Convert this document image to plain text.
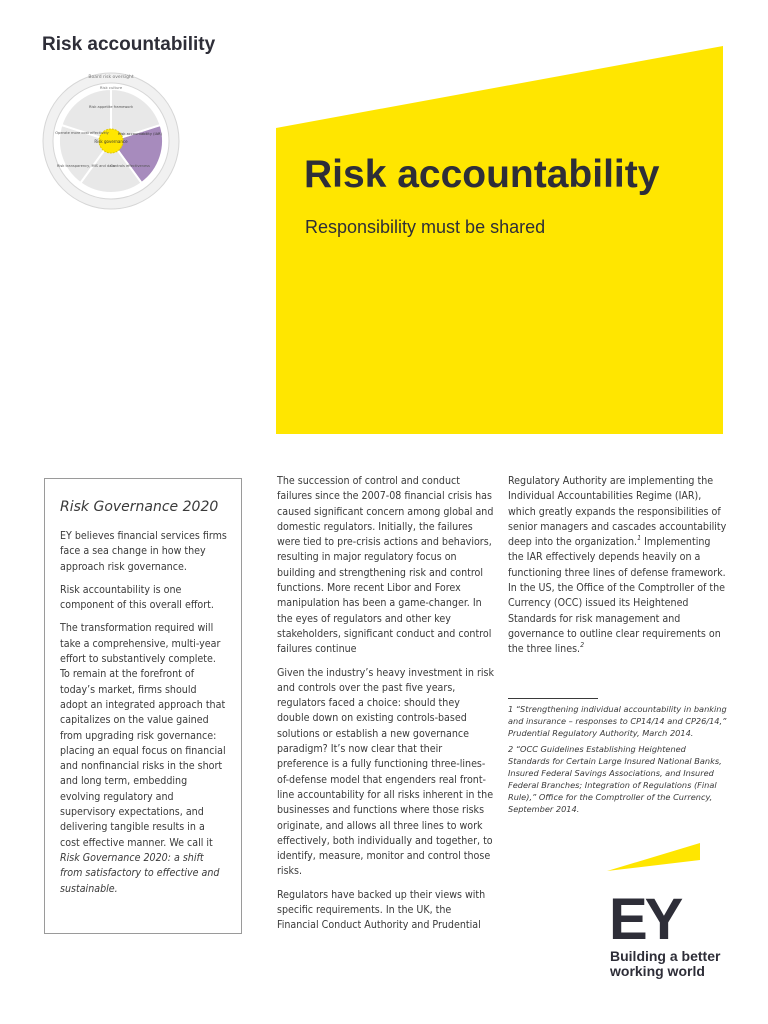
Risk accountability
Board risk oversight
Risk culture
Risk appetite framework
Risk accountability (IAR)
Controls effectiveness
Risk transparency, MIS and data
Operate more cost effectively
Risk governance
Risk accountability
Responsibility must be shared
Risk Governance 2020

EY believes financial services firms face a sea change in how they approach risk governance.

Risk accountability is one component of this overall effort.

The transformation required will take a comprehensive, multi-year effort to substantively complete. To remain at the forefront of today’s market, firms should adopt an integrated approach that capitalizes on the value gained from upgrading risk governance: placing an equal focus on financial and nonfinancial risks in the short and long term, embedding evolving regulatory and supervisory expectations, and delivering tangible results in a cost effective manner. We call it Risk Governance 2020: a shift from satisfactory to effective and sustainable.

The succession of control and conduct failures since the 2007-08 financial crisis has caused significant concern among global and domestic regulators. Initially, the failures were tied to pre-crisis actions and behaviors, resulting in major regulatory focus on building and strengthening risk and control functions. More recent Libor and Forex manipulation has been a game-changer. In the eyes of regulators and other key stakeholders, significant conduct and control failures continue

Given the industry’s heavy investment in risk and controls over the past five years, regulators faced a choice: should they double down on existing controls-based solutions or establish a new governance paradigm? It’s now clear that their preference is a fully functioning three-lines-of-defense model that engenders real front-line accountability for all risks inherent in the businesses and functions where those risks originate, and allows all three lines to work effectively, both individually and together, to identify, measure, monitor and control those risks.

Regulators have backed up their views with specific requirements. In the UK, the Financial Conduct Authority and Prudential

Regulatory Authority are implementing the Individual Accountabilities Regime (IAR), which greatly expands the responsibilities of senior managers and cascades accountability deep into the organization.$^1$ Implementing the IAR effectively depends heavily on a functioning three lines of defense framework. In the US, the Office of the Comptroller of the Currency (OCC) issued its Heightened Standards for risk management and governance to outline clear requirements on the three lines.$^2$

1 “Strengthening individual accountability in banking and insurance – responses to CP14/14 and CP26/14,” Prudential Regulatory Authority, March 2014.

2 “OCC Guidelines Establishing Heightened Standards for Certain Large Insured National Banks, Insured Federal Savings Associations, and Insured Federal Branches; Integration of Regulations (Final Rule),” Office for the Comptroller of the Currency, September 2014.

EY
Building a better
working world
